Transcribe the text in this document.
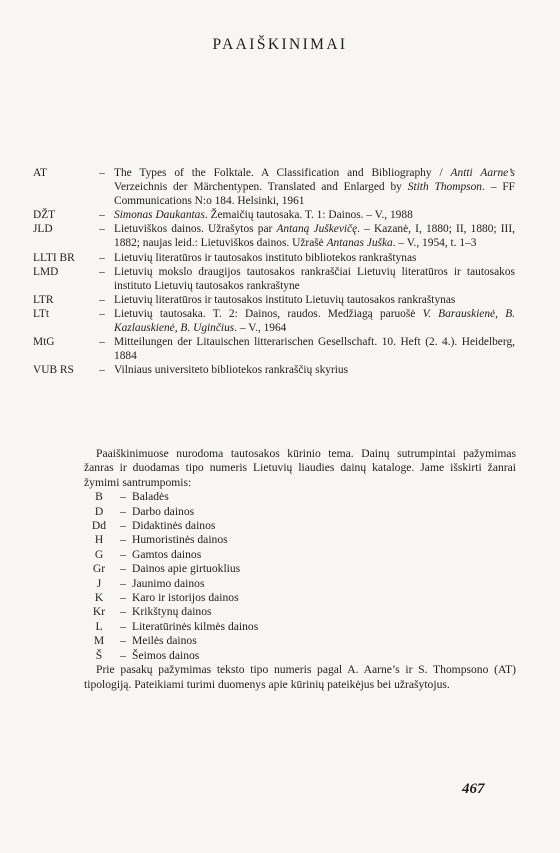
PAAIŠKINIMAI
AT	– The Types of the Folktale. A Classification and Bibliography / Antti Aarne’s Verzeichnis der Märchentypen. Translated and Enlarged by Stith Thompson. – FF Communications N:o 184. Helsinki, 1961
DŽT	– Simonas Daukantas. Žemaičių tautosaka. T. 1: Dainos. – V., 1988
JLD	– Lietuviškos dainos. Užrašytos par Antaną Juškevičę. – Kazanė, I, 1880; II, 1880; III, 1882; naujas leid.: Lietuviškos dainos. Užrašė Antanas Juška. – V., 1954, t. 1–3
LLTI BR	– Lietuvių literatūros ir tautosakos instituto bibliotekos rankraštynas
LMD	– Lietuvių mokslo draugijos tautosakos rankraščiai Lietuvių literatūros ir tautosakos instituto Lietuvių tautosakos rankraštyne
LTR	– Lietuvių literatūros ir tautosakos instituto Lietuvių tautosakos rankraštynas
LTt	– Lietuvių tautosaka. T. 2: Dainos, raudos. Medžiagą paruošė V. Barauskienė, B. Kazlauskienė, B. Uginčius. – V., 1964
MtG	– Mitteilungen der Litauischen litterarischen Gesellschaft. 10. Heft (2. 4.). Heidelberg, 1884
VUB RS	– Vilniaus universiteto bibliotekos rankraščių skyrius

Paaiškinimuose nurodoma tautosakos kūrinio tema. Dainų sutrumpintai pažymimas žanras ir duodamas tipo numeris Lietuvių liaudies dainų kataloge. Jame išskirti žanrai žymimi santrumpomis:

B	– Baladės
D	– Darbo dainos
Dd	– Didaktinės dainos
H	– Humoristinės dainos
G	– Gamtos dainos
Gr	– Dainos apie girtuoklius
J	– Jaunimo dainos
K	– Karo ir istorijos dainos
Kr	– Krikštynų dainos
L	– Literatūrinės kilmės dainos
M	– Meilės dainos
Š	– Šeimos dainos

Prie pasakų pažymimas teksto tipo numeris pagal A. Aarne’s ir S. Thompsono (AT) tipologiją. Pateikiami turimi duomenys apie kūrinių pateikėjus bei užrašytojus.

467
